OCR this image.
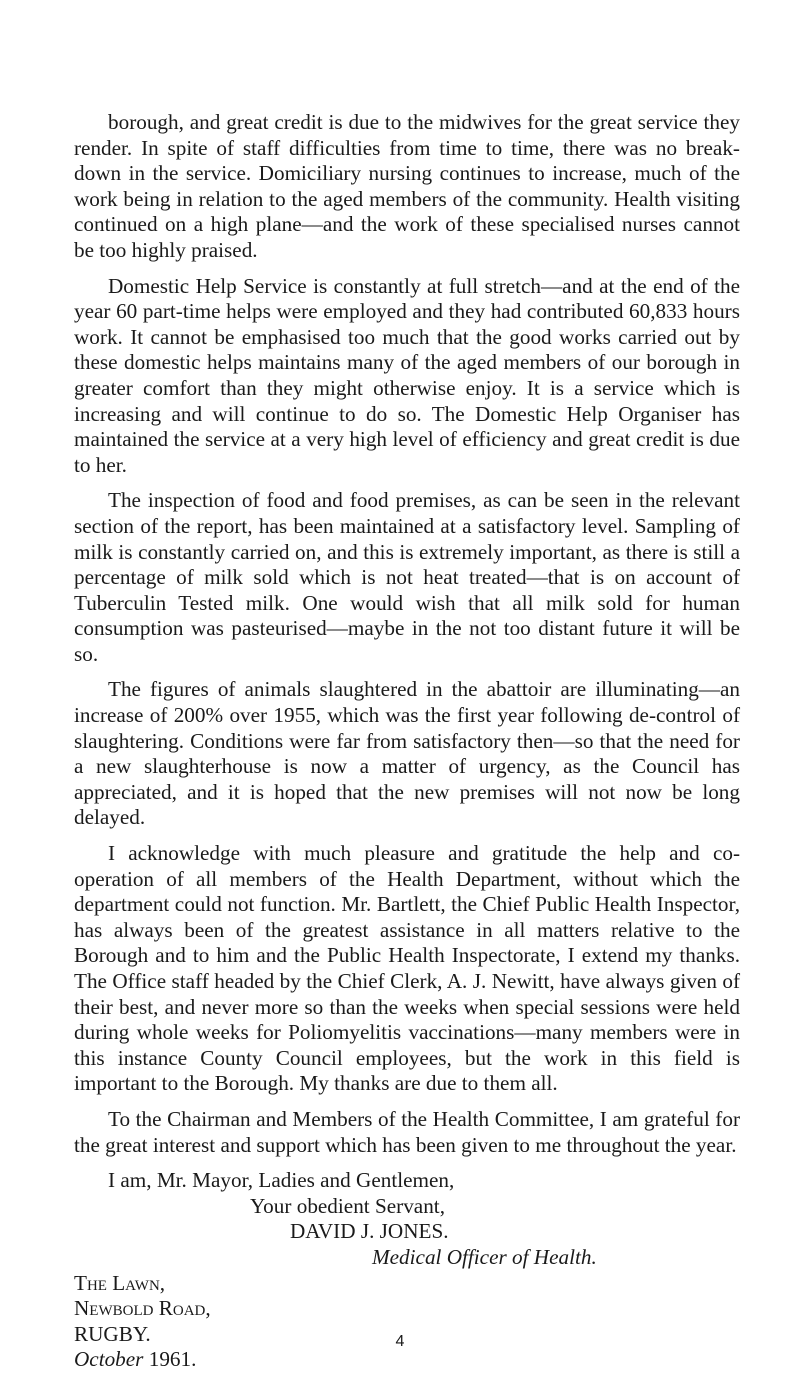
borough, and great credit is due to the midwives for the great service they render. In spite of staff difficulties from time to time, there was no break-down in the service. Domiciliary nursing continues to increase, much of the work being in relation to the aged members of the community. Health visiting continued on a high plane—and the work of these specialised nurses cannot be too highly praised.

Domestic Help Service is constantly at full stretch—and at the end of the year 60 part-time helps were employed and they had contributed 60,833 hours work. It cannot be emphasised too much that the good works carried out by these domestic helps maintains many of the aged members of our borough in greater comfort than they might otherwise enjoy. It is a service which is increasing and will continue to do so. The Domestic Help Organiser has maintained the service at a very high level of efficiency and great credit is due to her.

The inspection of food and food premises, as can be seen in the relevant section of the report, has been maintained at a satisfactory level. Sampling of milk is constantly carried on, and this is extremely important, as there is still a percentage of milk sold which is not heat treated—that is on account of Tuberculin Tested milk. One would wish that all milk sold for human consumption was pasteurised—maybe in the not too distant future it will be so.

The figures of animals slaughtered in the abattoir are illuminating—an increase of 200% over 1955, which was the first year following de-control of slaughtering. Conditions were far from satisfactory then—so that the need for a new slaughterhouse is now a matter of urgency, as the Council has appreciated, and it is hoped that the new premises will not now be long delayed.

I acknowledge with much pleasure and gratitude the help and co-operation of all members of the Health Department, without which the department could not function. Mr. Bartlett, the Chief Public Health Inspector, has always been of the greatest assistance in all matters relative to the Borough and to him and the Public Health Inspectorate, I extend my thanks. The Office staff headed by the Chief Clerk, A. J. Newitt, have always given of their best, and never more so than the weeks when special sessions were held during whole weeks for Poliomyelitis vaccinations—many members were in this instance County Council employees, but the work in this field is important to the Borough. My thanks are due to them all.

To the Chairman and Members of the Health Committee, I am grateful for the great interest and support which has been given to me throughout the year.

I am, Mr. Mayor, Ladies and Gentlemen,
Your obedient Servant,
DAVID J. JONES.
Medical Officer of Health.
The Lawn,
Newbold Road,
RUGBY.
October 1961.
4
